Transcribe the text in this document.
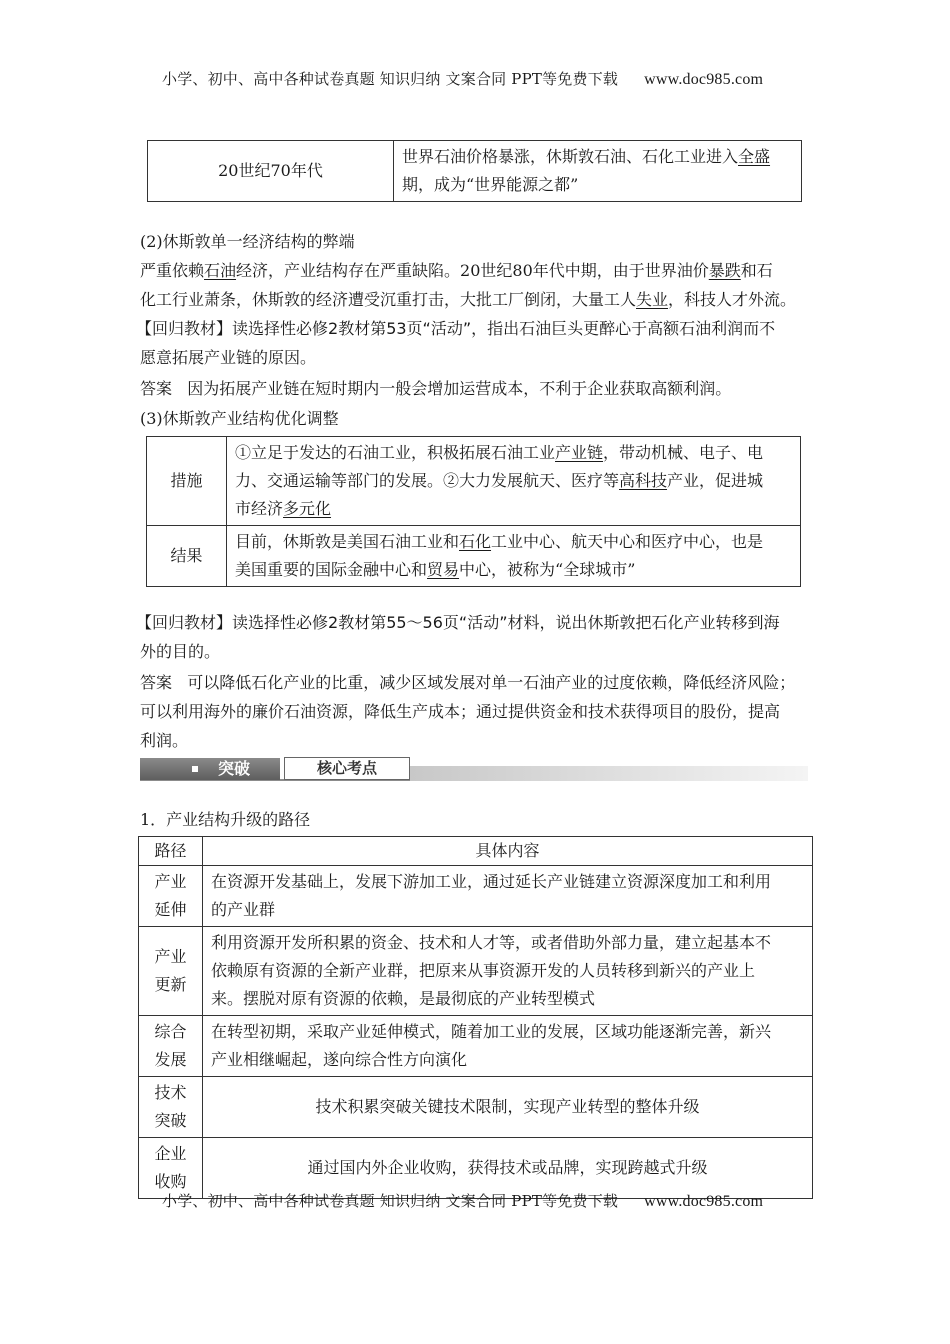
小学、初中、高中各种试卷真题 知识归纳 文案合同 PPT等免费下载 www.doc985.com
20世纪70年代	世界石油价格暴涨，休斯敦石油、石化工业进入全盛
期，成为“世界能源之都”
(2)休斯敦单一经济结构的弊端
严重依赖石油经济，产业结构存在严重缺陷。20世纪80年代中期，由于世界油价暴跌和石
化工行业萧条，休斯敦的经济遭受沉重打击，大批工厂倒闭，大量工人失业，科技人才外流。
【回归教材】读选择性必修2教材第53页“活动”，指出石油巨头更醉心于高额石油利润而不
愿意拓展产业链的原因。
答案 因为拓展产业链在短时期内一般会增加运营成本，不利于企业获取高额利润。
(3)休斯敦产业结构优化调整
措施	①立足于发达的石油工业，积极拓展石油工业产业链，带动机械、电子、电
力、交通运输等部门的发展。②大力发展航天、医疗等高科技产业，促进城
市经济多元化
结果	目前，休斯敦是美国石油工业和石化工业中心、航天中心和医疗中心，也是
美国重要的国际金融中心和贸易中心，被称为“全球城市”
【回归教材】读选择性必修2教材第55～56页“活动”材料，说出休斯敦把石化产业转移到海
外的目的。
答案 可以降低石化产业的比重，减少区域发展对单一石油产业的过度依赖，降低经济风险；
可以利用海外的廉价石油资源，降低生产成本；通过提供资金和技术获得项目的股份，提高
利润。
突破	核心考点
1．产业结构升级的路径
路径	具体内容
产业
延伸	在资源开发基础上，发展下游加工业，通过延长产业链建立资源深度加工和利用
的产业群
产业
更新	利用资源开发所积累的资金、技术和人才等，或者借助外部力量，建立起基本不
依赖原有资源的全新产业群，把原来从事资源开发的人员转移到新兴的产业上
来。摆脱对原有资源的依赖，是最彻底的产业转型模式
综合
发展	在转型初期，采取产业延伸模式，随着加工业的发展，区域功能逐渐完善，新兴
产业相继崛起，遂向综合性方向演化
技术
突破	技术积累突破关键技术限制，实现产业转型的整体升级
企业
收购	通过国内外企业收购，获得技术或品牌，实现跨越式升级
小学、初中、高中各种试卷真题 知识归纳 文案合同 PPT等免费下载 www.doc985.com
